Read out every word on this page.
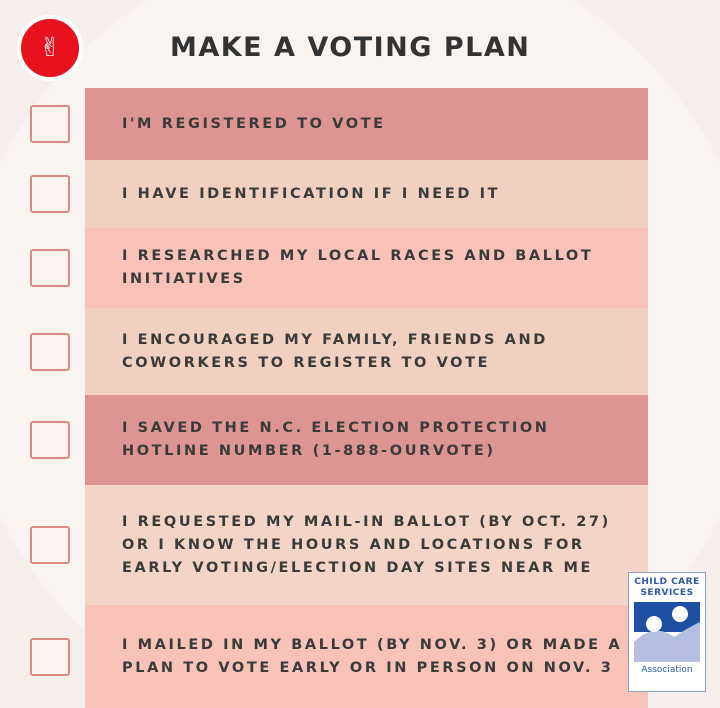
✌	MAKE A VOTING PLAN
I'M REGISTERED TO VOTE
I HAVE IDENTIFICATION IF I NEED IT
I RESEARCHED MY LOCAL RACES AND BALLOT INITIATIVES
I ENCOURAGED MY FAMILY, FRIENDS AND COWORKERS TO REGISTER TO VOTE
I SAVED THE N.C. ELECTION PROTECTION HOTLINE NUMBER (1-888-OURVOTE)
I REQUESTED MY MAIL-IN BALLOT (BY OCT. 27) OR I KNOW THE HOURS AND LOCATIONS FOR EARLY VOTING/ELECTION DAY SITES NEAR ME
I MAILED IN MY BALLOT (BY NOV. 3) OR MADE A PLAN TO VOTE EARLY OR IN PERSON ON NOV. 3
CHILD CARE
SERVICES
Association
